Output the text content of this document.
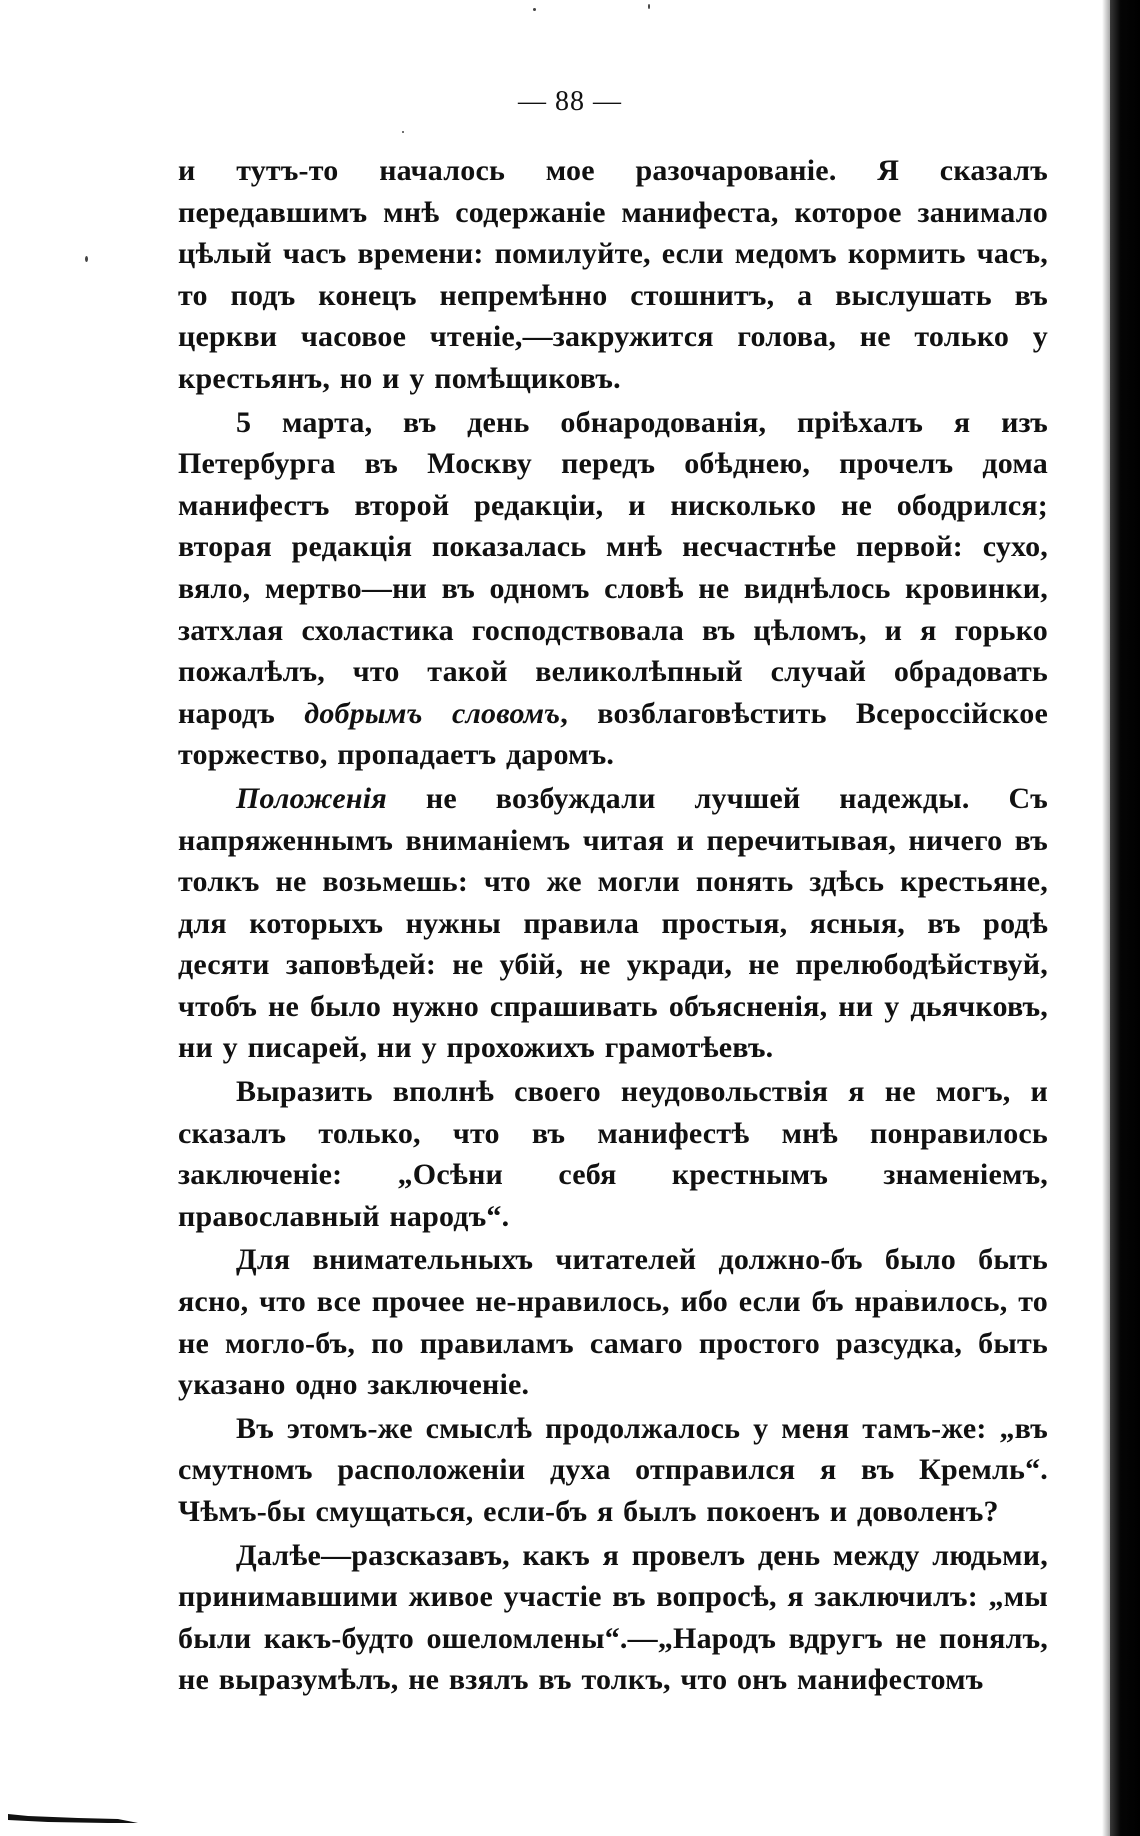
— 88 —

и тутъ-то началось мое разочарованіе. Я сказалъ передавшимъ мнѣ содержаніе манифеста, которое занимало цѣлый часъ времени: помилуйте, если медомъ кормить часъ, то подъ конецъ непремѣнно стошнитъ, а выслушать въ церкви часовое чтеніе,—закружится голова, не только у крестьянъ, но и у помѣщиковъ.

5 марта, въ день обнародованія, пріѣхалъ я изъ Петербурга въ Москву передъ обѣднею, прочелъ дома манифестъ второй редакціи, и нисколько не ободрился; вторая редакція показалась мнѣ несчастнѣе первой: сухо, вяло, мертво—ни въ одномъ словѣ не виднѣлось кровинки, затхлая схоластика господствовала въ цѣломъ, и я горько пожалѣлъ, что такой великолѣпный случай обрадовать народъ добрымъ словомъ, возблаговѣстить Всероссійское торжество, пропадаетъ даромъ.

Положенія не возбуждали лучшей надежды. Съ напряженнымъ вниманіемъ читая и перечитывая, ничего въ толкъ не возьмешь: что же могли понять здѣсь крестьяне, для которыхъ нужны правила простыя, ясныя, въ родѣ десяти заповѣдей: не убій, не укради, не прелюбодѣйствуй, чтобъ не было нужно спрашивать объясненія, ни у дьячковъ, ни у писарей, ни у прохожихъ грамотѣевъ.

Выразить вполнѣ своего неудовольствія я не могъ, и сказалъ только, что въ манифестѣ мнѣ понравилось заключеніе: „Осѣни себя крестнымъ знаменіемъ, православный народъ“.

Для внимательныхъ читателей должно-бъ было быть ясно, что все прочее не-нравилось, ибо если бъ нравилось, то не могло-бъ, по правиламъ самаго простого разсудка, быть указано одно заключеніе.

Въ этомъ-же смыслѣ продолжалось у меня тамъ-же: „въ смутномъ расположеніи духа отправился я въ Кремль“. Чѣмъ-бы смущаться, если-бъ я былъ покоенъ и доволенъ?

Далѣе—разсказавъ, какъ я провелъ день между людьми, принимавшими живое участіе въ вопросѣ, я заключилъ: „мы были какъ-будто ошеломлены“.—„Народъ вдругъ не понялъ, не выразумѣлъ, не взялъ въ толкъ, что онъ манифестомъ
